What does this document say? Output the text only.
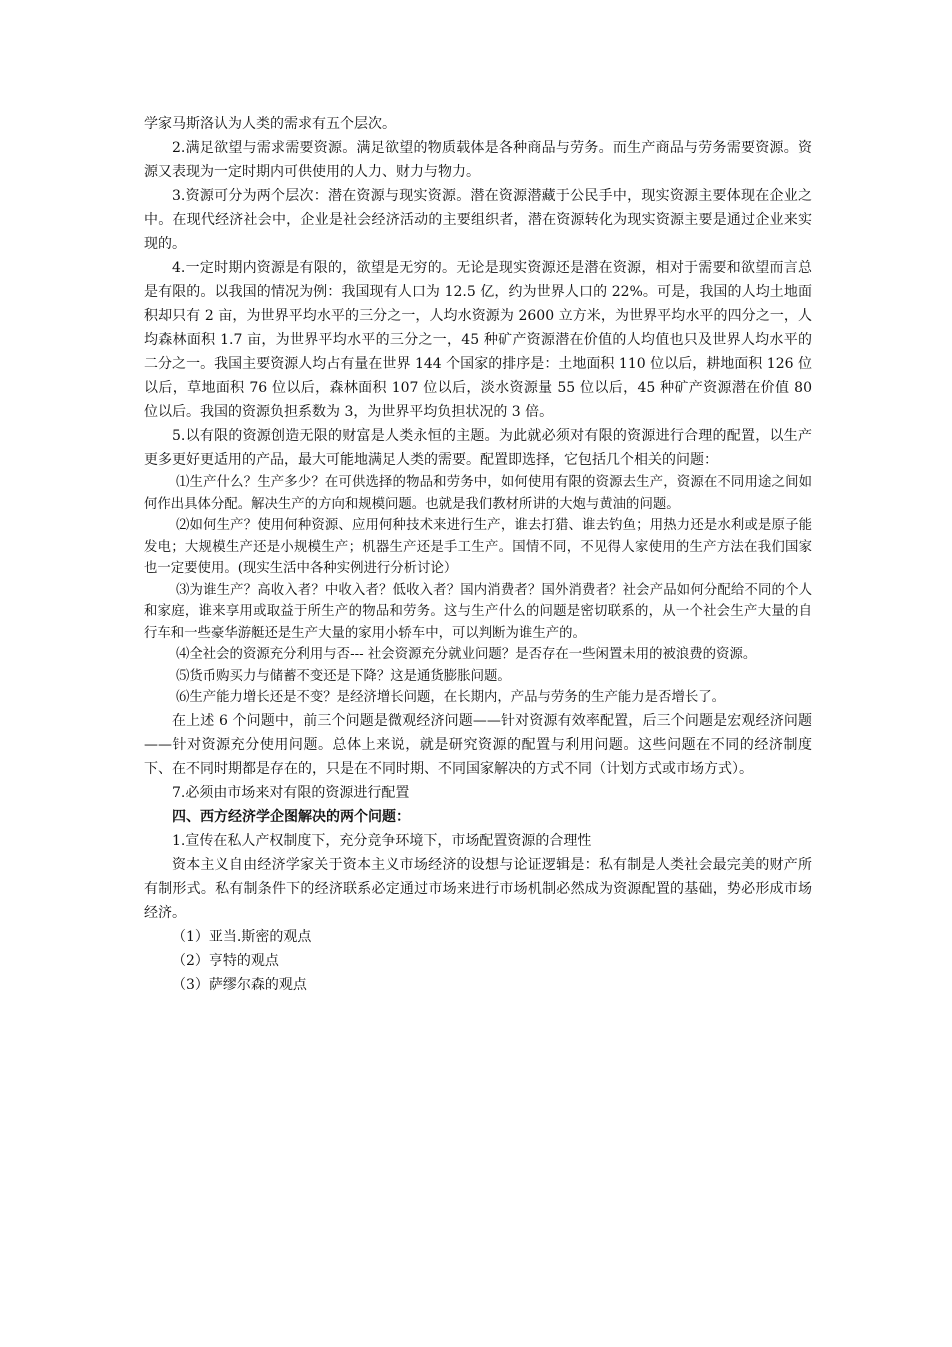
学家马斯洛认为人类的需求有五个层次。

2.满足欲望与需求需要资源。满足欲望的物质载体是各种商品与劳务。而生产商品与劳务需要资源。资源又表现为一定时期内可供使用的人力、财力与物力。

3.资源可分为两个层次：潜在资源与现实资源。潜在资源潜藏于公民手中，现实资源主要体现在企业之中。在现代经济社会中，企业是社会经济活动的主要组织者，潜在资源转化为现实资源主要是通过企业来实现的。

4.一定时期内资源是有限的，欲望是无穷的。无论是现实资源还是潜在资源，相对于需要和欲望而言总是有限的。以我国的情况为例：我国现有人口为 12.5 亿，约为世界人口的 22%。可是，我国的人均土地面积却只有 2 亩，为世界平均水平的三分之一，人均水资源为 2600 立方米，为世界平均水平的四分之一，人均森林面积 1.7 亩，为世界平均水平的三分之一，45 种矿产资源潜在价值的人均值也只及世界人均水平的二分之一。我国主要资源人均占有量在世界 144 个国家的排序是：土地面积 110 位以后，耕地面积 126 位以后，草地面积 76 位以后，森林面积 107 位以后，淡水资源量 55 位以后，45 种矿产资源潜在价值 80 位以后。我国的资源负担系数为 3，为世界平均负担状况的 3 倍。

5.以有限的资源创造无限的财富是人类永恒的主题。为此就必须对有限的资源进行合理的配置，以生产更多更好更适用的产品，最大可能地满足人类的需要。配置即选择，它包括几个相关的问题：

⑴生产什么？生产多少？在可供选择的物品和劳务中，如何使用有限的资源去生产，资源在不同用途之间如何作出具体分配。解决生产的方向和规模问题。也就是我们教材所讲的大炮与黄油的问题。

⑵如何生产？使用何种资源、应用何种技术来进行生产，谁去打猎、谁去钓鱼；用热力还是水利或是原子能发电；大规模生产还是小规模生产；机器生产还是手工生产。国情不同，不见得人家使用的生产方法在我们国家也一定要使用。(现实生活中各种实例进行分析讨论）

⑶为谁生产？高收入者？中收入者？低收入者？国内消费者？国外消费者？社会产品如何分配给不同的个人和家庭，谁来享用或取益于所生产的物品和劳务。这与生产什么的问题是密切联系的，从一个社会生产大量的自行车和一些豪华游艇还是生产大量的家用小轿车中，可以判断为谁生产的。

⑷全社会的资源充分利用与否--- 社会资源充分就业问题？是否存在一些闲置未用的被浪费的资源。

⑸货币购买力与储蓄不变还是下降？这是通货膨胀问题。

⑹生产能力增长还是不变？是经济增长问题，在长期内，产品与劳务的生产能力是否增长了。

在上述 6 个问题中，前三个问题是微观经济问题——针对资源有效率配置，后三个问题是宏观经济问题——针对资源充分使用问题。总体上来说，就是研究资源的配置与利用问题。这些问题在不同的经济制度下、在不同时期都是存在的，只是在不同时期、不同国家解决的方式不同（计划方式或市场方式）。

7.必须由市场来对有限的资源进行配置

四、西方经济学企图解决的两个问题：

1.宣传在私人产权制度下，充分竞争环境下，市场配置资源的合理性

资本主义自由经济学家关于资本主义市场经济的设想与论证逻辑是：私有制是人类社会最完美的财产所有制形式。私有制条件下的经济联系必定通过市场来进行市场机制必然成为资源配置的基础，势必形成市场经济。

（1）亚当.斯密的观点

（2）亨特的观点

（3）萨缪尔森的观点
